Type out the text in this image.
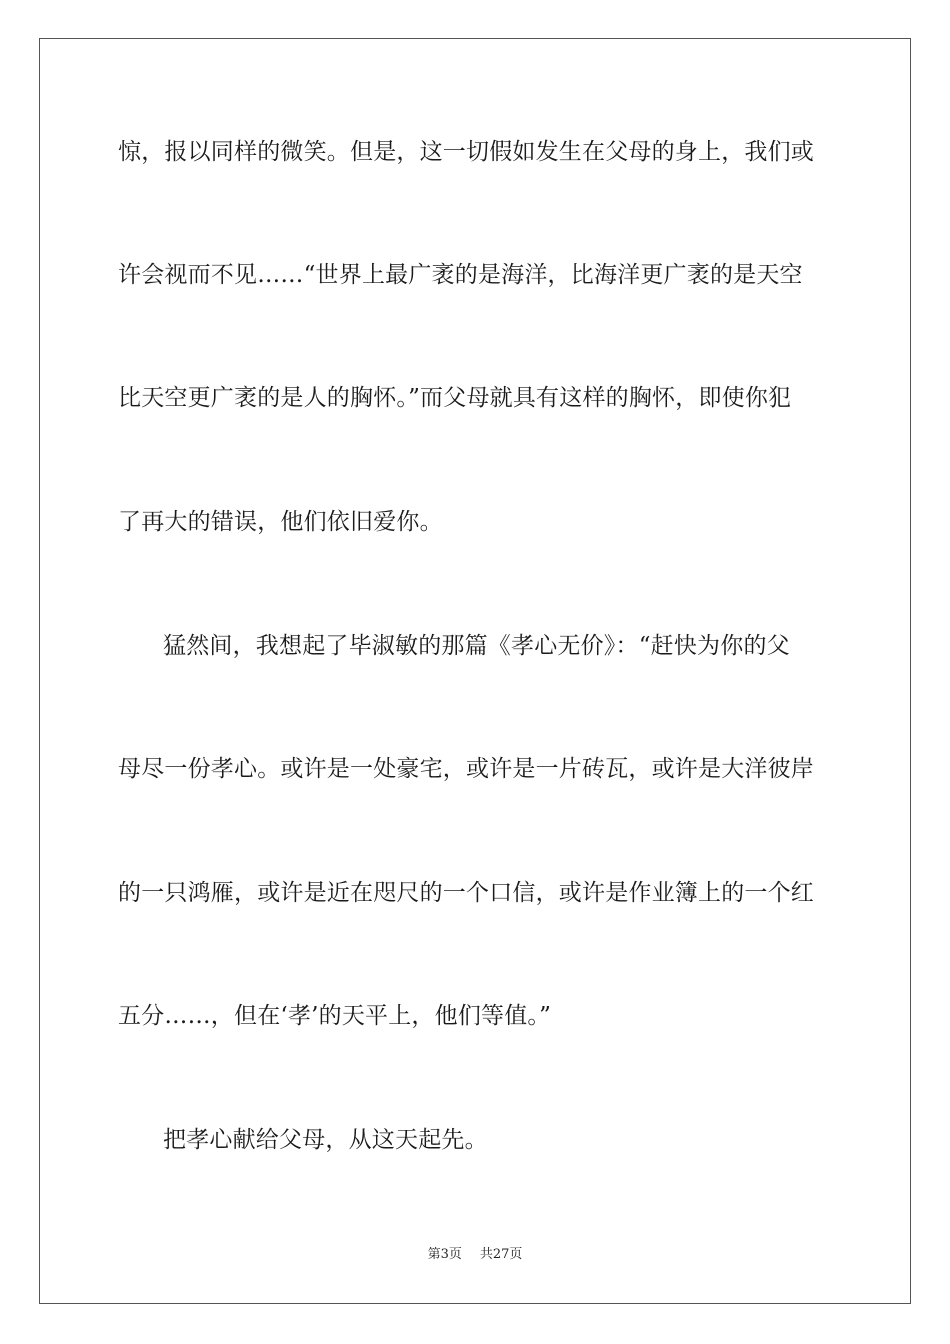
惊，报以同样的微笑。但是，这一切假如发生在父母的身上，我们或
许会视而不见……“世界上最广袤的是海洋，比海洋更广袤的是天空
比天空更广袤的是人的胸怀。”而父母就具有这样的胸怀，即使你犯
了再大的错误，他们依旧爱你。
猛然间，我想起了毕淑敏的那篇《孝心无价》：“赶快为你的父
母尽一份孝心。或许是一处豪宅，或许是一片砖瓦，或许是大洋彼岸
的一只鸿雁，或许是近在咫尺的一个口信，或许是作业簿上的一个红
五分……，但在‘孝’的天平上，他们等值。”
把孝心献给父母，从这天起先。
第3页 共27页
